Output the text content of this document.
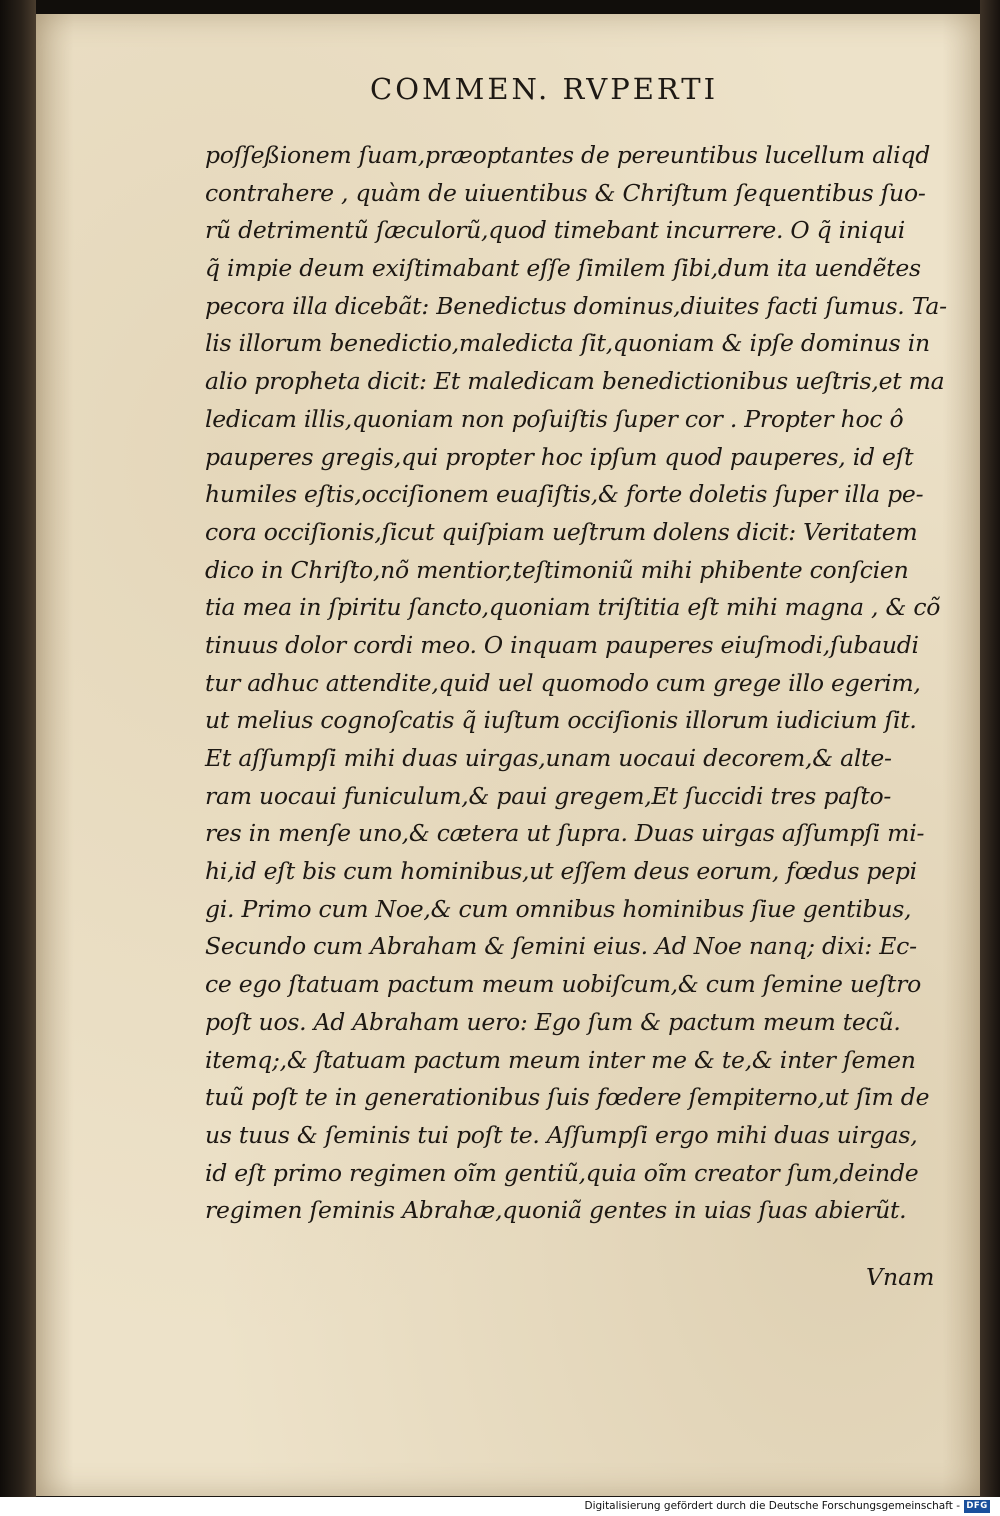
COMMEN. RVPERTI
poſſeßionem ſuam,præoptantes de pereuntibus lucellum aliqd
contrahere , quàm de uiuentibus & Chriſtum ſequentibus ſuo-
rũ detrimentũ ſæculorũ,quod timebant incurrere. O q̃ iniqui
q̃ impie deum exiſtimabant eſſe ſimilem ſibi,dum ita uendẽtes
pecora illa dicebãt: Benedictus dominus,diuites facti ſumus. Ta-
lis illorum benedictio,maledicta ſit,quoniam & ipſe dominus in
alio propheta dicit: Et maledicam benedictionibus ueſtris,et ma
ledicam illis,quoniam non poſuiſtis ſuper cor . Propter hoc ô
pauperes gregis,qui propter hoc ipſum quod pauperes, id eſt
humiles eſtis,occiſionem euaſiſtis,& forte doletis ſuper illa pe-
cora occiſionis,ſicut quiſpiam ueſtrum dolens dicit: Veritatem
dico in Chriſto,nõ mentior,teſtimoniũ mihi phibente conſcien
tia mea in ſpiritu ſancto,quoniam triſtitia eſt mihi magna , & cõ
tinuus dolor cordi meo. O inquam pauperes eiuſmodi,ſubaudi
tur adhuc attendite,quid uel quomodo cum grege illo egerim,
ut melius cognoſcatis q̃ iuſtum occiſionis illorum iudicium ſit.
Et aſſumpſi mihi duas uirgas,unam uocaui decorem,& alte-
ram uocaui funiculum,& paui gregem,Et ſuccidi tres paſto-
res in menſe uno,& cætera ut ſupra. Duas uirgas aſſumpſi mi-
hi,id eſt bis cum hominibus,ut eſſem deus eorum, fœdus pepi
gi. Primo cum Noe,& cum omnibus hominibus ſiue gentibus,
Secundo cum Abraham & ſemini eius. Ad Noe nanq; dixi: Ec-
ce ego ſtatuam pactum meum uobiſcum,& cum ſemine ueſtro
poſt uos. Ad Abraham uero: Ego ſum & pactum meum tecũ.
itemq;,& ſtatuam pactum meum inter me & te,& inter ſemen
tuũ poſt te in generationibus ſuis fœdere ſempiterno,ut ſim de
us tuus & ſeminis tui poſt te. Aſſumpſi ergo mihi duas uirgas,
id eſt primo regimen oĩm gentiũ,quia oĩm creator ſum,deinde
regimen ſeminis Abrahæ,quoniã gentes in uias ſuas abierũt.
Vnam
Digitalisierung gefördert durch die Deutsche Forschungsgemeinschaft - DFG
